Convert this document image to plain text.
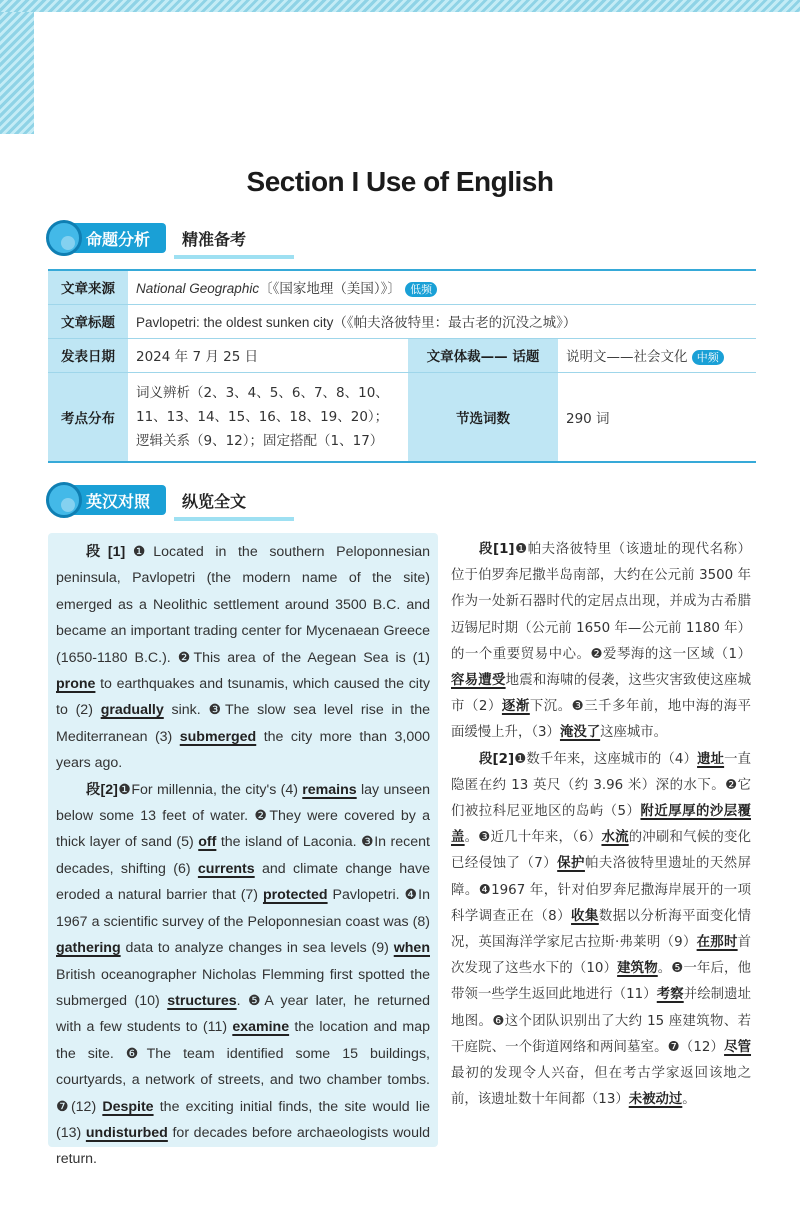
Section I Use of English
命题分析 精准备考
文章来源	National Geographic〔《国家地理（美国）》〕 低频		
文章标题	Pavlopetri: the oldest sunken city（《帕夫洛彼特里：最古老的沉没之城》）		
发表日期	2024 年 7 月 25 日	文章体裁—— 话题	说明文——社会文化 中频
考点分布	词义辨析（2、3、4、5、6、7、8、10、11、13、14、15、16、18、19、20）；逻辑关系（9、12）；固定搭配（1、17）	节选词数	290 词
英汉对照 纵览全文

段[1]❶Located in the southern Peloponnesian peninsula, Pavlopetri (the modern name of the site) emerged as a Neolithic settlement around 3500 B.C. and became an important trading center for Mycenaean Greece (1650-1180 B.C.). ❷This area of the Aegean Sea is (1) prone to earthquakes and tsunamis, which caused the city to (2) gradually sink. ❸The slow sea level rise in the Mediterranean (3) submerged the city more than 3,000 years ago.

段[2]❶For millennia, the city's (4) remains lay unseen below some 13 feet of water. ❷They were covered by a thick layer of sand (5) off the island of Laconia. ❸In recent decades, shifting (6) currents and climate change have eroded a natural barrier that (7) protected Pavlopetri. ❹In 1967 a scientific survey of the Peloponnesian coast was (8) gathering data to analyze changes in sea levels (9) when British oceanographer Nicholas Flemming first spotted the submerged (10) structures. ❺A year later, he returned with a few students to (11) examine the location and map the site. ❻The team identified some 15 buildings, courtyards, a network of streets, and two chamber tombs. ❼(12) Despite the exciting initial finds, the site would lie (13) undisturbed for decades before archaeologists would return.

段[1]❶帕夫洛彼特里（该遗址的现代名称）位于伯罗奔尼撒半岛南部，大约在公元前 3500 年作为一处新石器时代的定居点出现，并成为古希腊迈锡尼时期（公元前 1650 年—公元前 1180 年）的一个重要贸易中心。❷爱琴海的这一区域（1）容易遭受地震和海啸的侵袭，这些灾害致使这座城市（2）逐渐下沉。❸三千多年前，地中海的海平面缓慢上升，（3）淹没了这座城市。

段[2]❶数千年来，这座城市的（4）遗址一直隐匿在约 13 英尺（约 3.96 米）深的水下。❷它们被拉科尼亚地区的岛屿（5）附近厚厚的沙层覆盖。❸近几十年来，（6）水流的冲刷和气候的变化已经侵蚀了（7）保护帕夫洛彼特里遗址的天然屏障。❹1967 年，针对伯罗奔尼撒海岸展开的一项科学调查正在（8）收集数据以分析海平面变化情况，英国海洋学家尼古拉斯·弗莱明（9）在那时首次发现了这些水下的（10）建筑物。❺一年后，他带领一些学生返回此地进行（11）考察并绘制遗址地图。❻这个团队识别出了大约 15 座建筑物、若干庭院、一个街道网络和两间墓室。❼（12）尽管最初的发现令人兴奋，但在考古学家返回该地之前，该遗址数十年间都（13）未被动过。
